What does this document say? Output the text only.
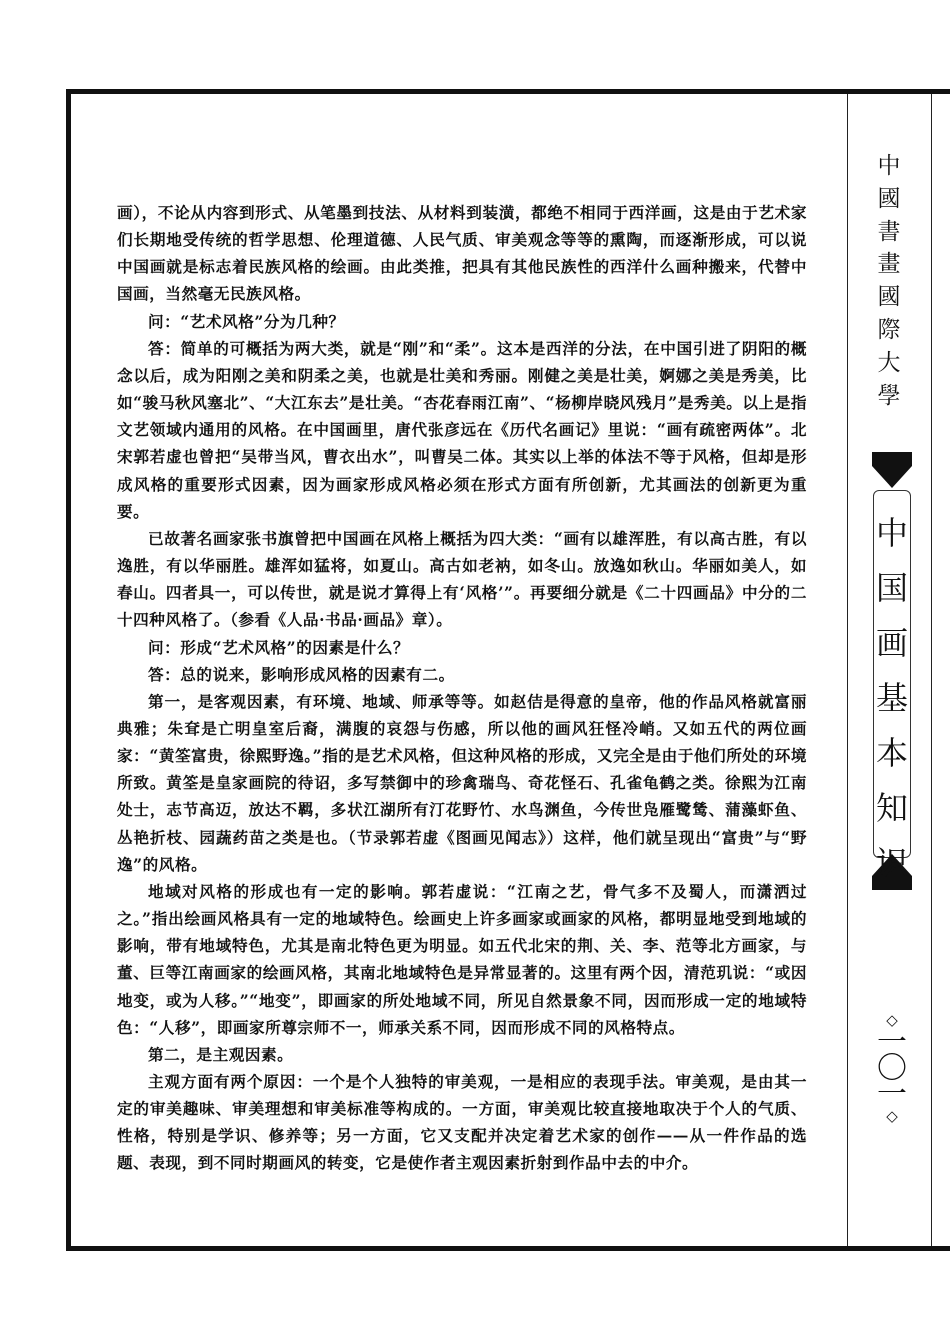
画），不论从内容到形式、从笔墨到技法、从材料到装潢，都绝不相同于西洋画，这是由于艺术家们长期地受传统的哲学思想、伦理道德、人民气质、审美观念等等的熏陶，而逐渐形成，可以说中国画就是标志着民族风格的绘画。由此类推，把具有其他民族性的西洋什么画种搬来，代替中国画，当然毫无民族风格。

问：“艺术风格”分为几种？

答：简单的可概括为两大类，就是“刚”和“柔”。这本是西洋的分法，在中国引进了阴阳的概念以后，成为阳刚之美和阴柔之美，也就是壮美和秀丽。刚健之美是壮美，婀娜之美是秀美，比如“骏马秋风塞北”、“大江东去”是壮美。“杏花春雨江南”、“杨柳岸晓风残月”是秀美。以上是指文艺领域内通用的风格。在中国画里，唐代张彦远在《历代名画记》里说：“画有疏密两体”。北宋郭若虚也曾把“吴带当风，曹衣出水”，叫曹吴二体。其实以上举的体法不等于风格，但却是形成风格的重要形式因素，因为画家形成风格必须在形式方面有所创新，尤其画法的创新更为重要。

已故著名画家张书旗曾把中国画在风格上概括为四大类：“画有以雄浑胜，有以高古胜，有以逸胜，有以华丽胜。雄浑如猛将，如夏山。高古如老衲，如冬山。放逸如秋山。华丽如美人，如春山。四者具一，可以传世，就是说才算得上有‘风格’”。再要细分就是《二十四画品》中分的二十四种风格了。（参看《人品·书品·画品》章）。

问：形成“艺术风格”的因素是什么？

答：总的说来，影响形成风格的因素有二。

第一，是客观因素，有环境、地域、师承等等。如赵佶是得意的皇帝，他的作品风格就富丽典雅；朱耷是亡明皇室后裔，满腹的哀怨与伤感，所以他的画风狂怪冷峭。又如五代的两位画家：“黄筌富贵，徐熙野逸。”指的是艺术风格，但这种风格的形成，又完全是由于他们所处的环境所致。黄筌是皇家画院的待诏，多写禁御中的珍禽瑞鸟、奇花怪石、孔雀龟鹤之类。徐熙为江南处士，志节高迈，放达不羁，多状江湖所有汀花野竹、水鸟渊鱼，今传世凫雁鹭鸶、蒲藻虾鱼、丛艳折枝、园蔬药苗之类是也。（节录郭若虚《图画见闻志》）这样，他们就呈现出“富贵”与“野逸”的风格。

地域对风格的形成也有一定的影响。郭若虚说：“江南之艺，骨气多不及蜀人，而潇洒过之。”指出绘画风格具有一定的地域特色。绘画史上许多画家或画家的风格，都明显地受到地域的影响，带有地域特色，尤其是南北特色更为明显。如五代北宋的荆、关、李、范等北方画家，与董、巨等江南画家的绘画风格，其南北地域特色是异常显著的。这里有两个因，清范玑说：“或因地变，或为人移。”“地变”，即画家的所处地域不同，所见自然景象不同，因而形成一定的地域特色：“人移”，即画家所尊宗师不一，师承关系不同，因而形成不同的风格特点。

第二，是主观因素。

主观方面有两个原因：一个是个人独特的审美观，一是相应的表现手法。审美观，是由其一定的审美趣味、审美理想和审美标准等构成的。一方面，审美观比较直接地取决于个人的气质、性格，特别是学识、修养等；另一方面，它又支配并决定着艺术家的创作——从一件作品的选题、表现，到不同时期画风的转变，它是使作者主观因素折射到作品中去的中介。

中
國
書
畫
國
際
大
學
中
国
画
基
本
知
识
◇
一
〇
一
◇
